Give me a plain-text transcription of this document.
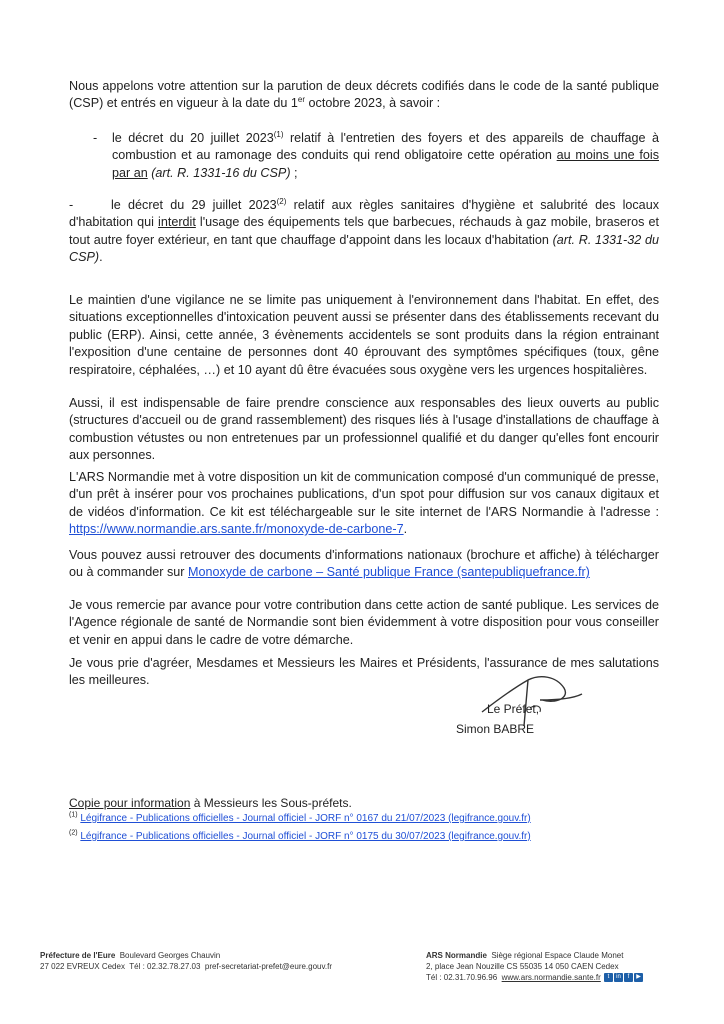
Nous appelons votre attention sur la parution de deux décrets codifiés dans le code de la santé publique (CSP) et entrés en vigueur à la date du 1er octobre 2023, à savoir :

- le décret du 20 juillet 2023$^{(1)}$ relatif à l'entretien des foyers et des appareils de chauffage à combustion et au ramonage des conduits qui rend obligatoire cette opération au moins une fois par an (art. R. 1331-16 du CSP) ;

-	le décret du 29 juillet 2023$^{(2)}$ relatif aux règles sanitaires d'hygiène et salubrité des locaux d'habitation qui interdit l'usage des équipements tels que barbecues, réchauds à gaz mobile, braseros et tout autre foyer extérieur, en tant que chauffage d'appoint dans les locaux d'habitation (art. R. 1331-32 du CSP).

Le maintien d'une vigilance ne se limite pas uniquement à l'environnement dans l'habitat. En effet, des situations exceptionnelles d'intoxication peuvent aussi se présenter dans des établissements recevant du public (ERP). Ainsi, cette année, 3 évènements accidentels se sont produits dans la région entrainant l'exposition d'une centaine de personnes dont 40 éprouvant des symptômes spécifiques (toux, gêne respiratoire, céphalées, …) et 10 ayant dû être évacuées sous oxygène vers les urgences hospitalières.

Aussi, il est indispensable de faire prendre conscience aux responsables des lieux ouverts au public (structures d'accueil ou de grand rassemblement) des risques liés à l'usage d'installations de chauffage à combustion vétustes ou non entretenues par un professionnel qualifié et du danger qu'elles font encourir aux personnes.

L'ARS Normandie met à votre disposition un kit de communication composé d'un communiqué de presse, d'un prêt à insérer pour vos prochaines publications, d'un spot pour diffusion sur vos canaux digitaux et de vidéos d'information. Ce kit est téléchargeable sur le site internet de l'ARS Normandie à l'adresse : https://www.normandie.ars.sante.fr/monoxyde-de-carbone-7.

Vous pouvez aussi retrouver des documents d'informations nationaux (brochure et affiche) à télécharger ou à commander sur Monoxyde de carbone – Santé publique France (santepubliquefrance.fr)

Je vous remercie par avance pour votre contribution dans cette action de santé publique. Les services de l'Agence régionale de santé de Normandie sont bien évidemment à votre disposition pour vous conseiller et venir en appui dans le cadre de votre démarche.

Je vous prie d'agréer, Mesdames et Messieurs les Maires et Présidents, l'assurance de mes salutations les meilleures.

Le Préfet,
Simon BABRE
Copie pour information à Messieurs les Sous-préfets.
$^{(1)}$ Légifrance - Publications officielles - Journal officiel - JORF n° 0167 du 21/07/2023 (legifrance.gouv.fr)
$^{(2)}$ Légifrance - Publications officielles - Journal officiel - JORF n° 0175 du 30/07/2023 (legifrance.gouv.fr)
Préfecture de l'Eure Boulevard Georges Chauvin
27 022 EVREUX Cedex Tél : 02.32.78.27.03 pref-secretariat-prefet@eure.gouv.fr
ARS Normandie Siège régional Espace Claude Monet
2, place Jean Nouzille CS 55035 14 050 CAEN Cedex
Tél : 02.31.70.96.96 www.ars.normandie.sante.fr t in f ▶
